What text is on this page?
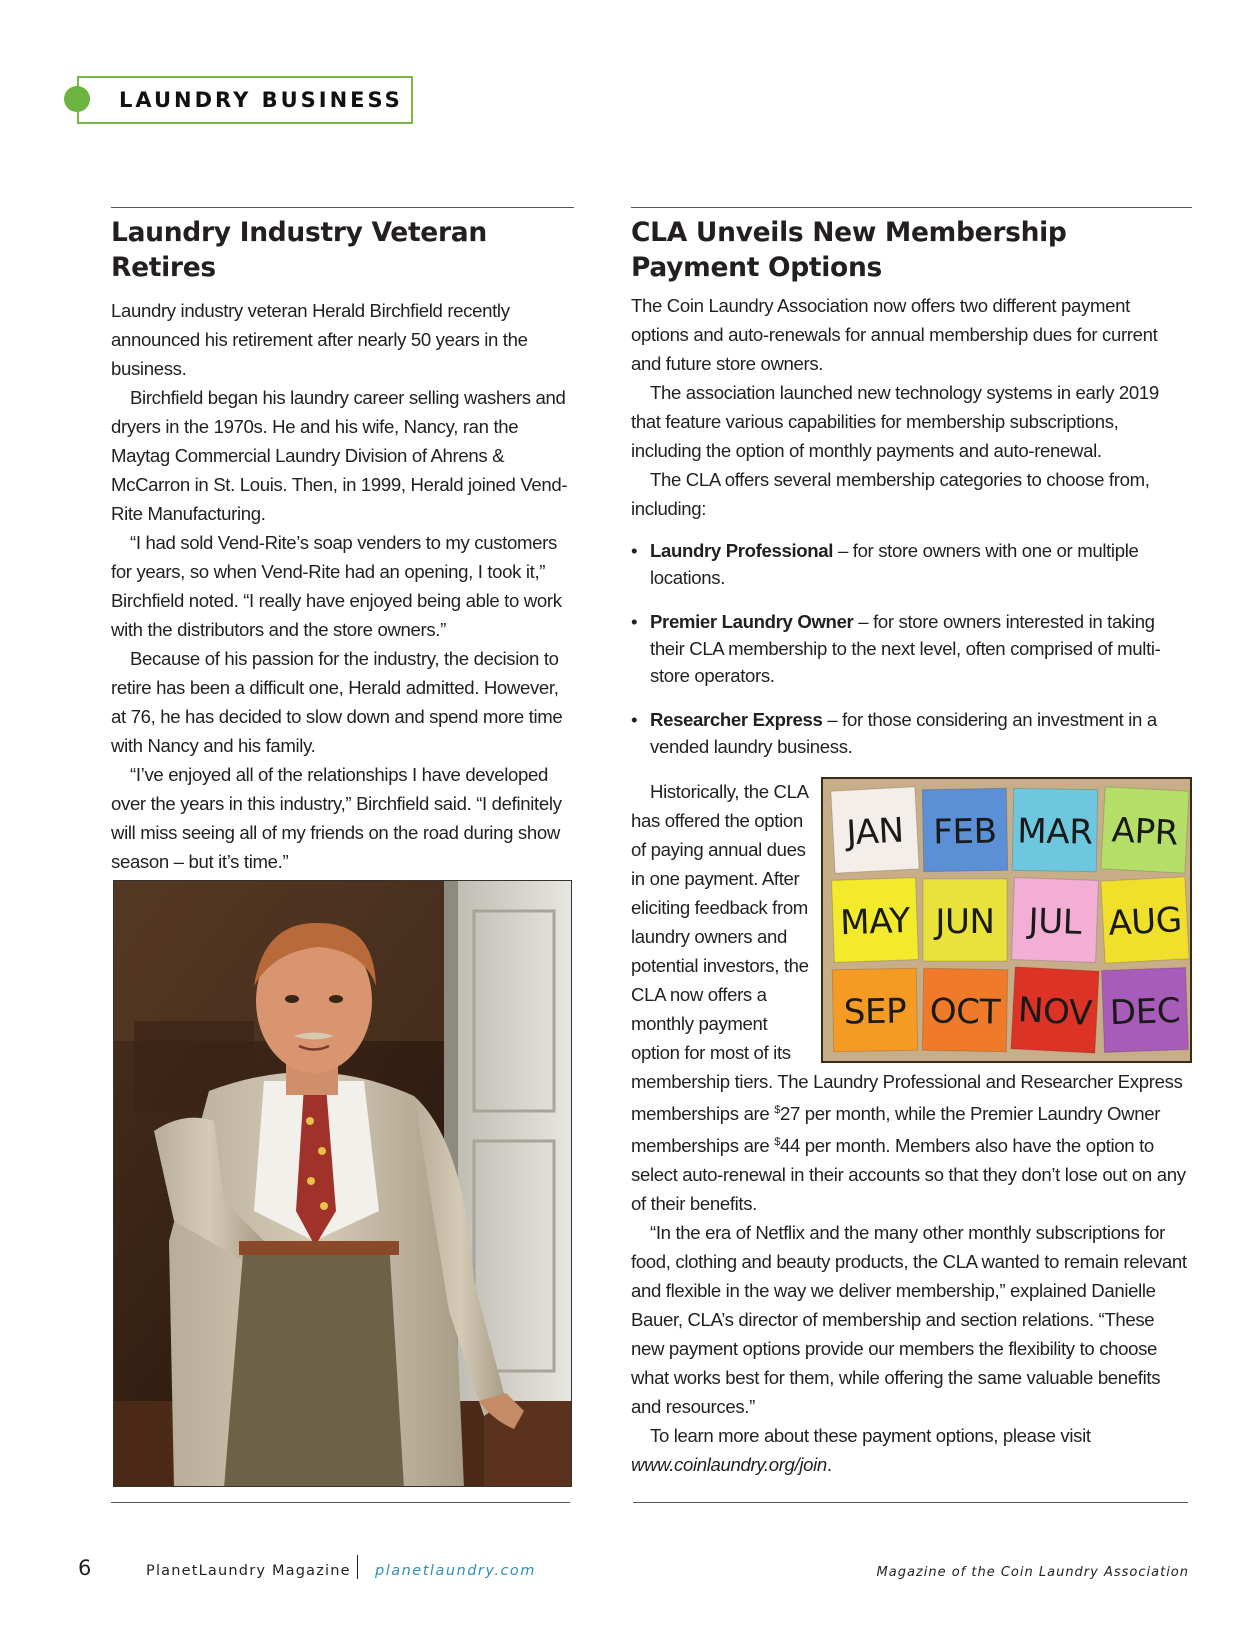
LAUNDRY BUSINESS
Laundry Industry Veteran Retires

Laundry industry veteran Herald Birchfield recently announced his retirement after nearly 50 years in the business.

Birchfield began his laundry career selling washers and dryers in the 1970s. He and his wife, Nancy, ran the Maytag Commercial Laundry Division of Ahrens & McCarron in St. Louis. Then, in 1999, Herald joined Vend-Rite Manufacturing.

“I had sold Vend-Rite’s soap venders to my customers for years, so when Vend-Rite had an opening, I took it,” Birchfield noted. “I really have enjoyed being able to work with the distributors and the store owners.”

Because of his passion for the industry, the decision to retire has been a difficult one, Herald admitted. However, at 76, he has decided to slow down and spend more time with Nancy and his family.

“I’ve enjoyed all of the relationships I have developed over the years in this industry,” Birchfield said. “I definitely will miss seeing all of my friends on the road during show season – but it’s time.”

CLA Unveils New Membership Payment Options

The Coin Laundry Association now offers two different payment options and auto-renewals for annual membership dues for current and future store owners.

The association launched new technology systems in early 2019 that feature various capabilities for membership subscriptions, including the option of monthly payments and auto-renewal.

The CLA offers several membership categories to choose from, including:

• Laundry Professional – for store owners with one or multiple locations.
• Premier Laundry Owner – for store owners interested in taking their CLA membership to the next level, often comprised of multi-store operators.
• Researcher Express – for those considering an investment in a vended laundry business.
JAN FEB MAR APR
MAY JUN JUL AUG
SEP OCT NOV DEC

Historically, the CLA has offered the option of paying annual dues in one payment. After eliciting feedback from laundry owners and potential investors, the CLA now offers a monthly payment option for most of its membership tiers. The Laundry Professional and Researcher Express memberships are $27 per month, while the Premier Laundry Owner memberships are $44 per month. Members also have the option to select auto-renewal in their accounts so that they don’t lose out on any of their benefits.

“In the era of Netflix and the many other monthly subscriptions for food, clothing and beauty products, the CLA wanted to remain relevant and flexible in the way we deliver membership,” explained Danielle Bauer, CLA’s director of membership and section relations. “These new payment options provide our members the flexibility to choose what works best for them, while offering the same valuable benefits and resources.”

To learn more about these payment options, please visit www.coinlaundry.org/join.

6	PlanetLaundry Magazine planetlaundry.com	Magazine of the Coin Laundry Association
